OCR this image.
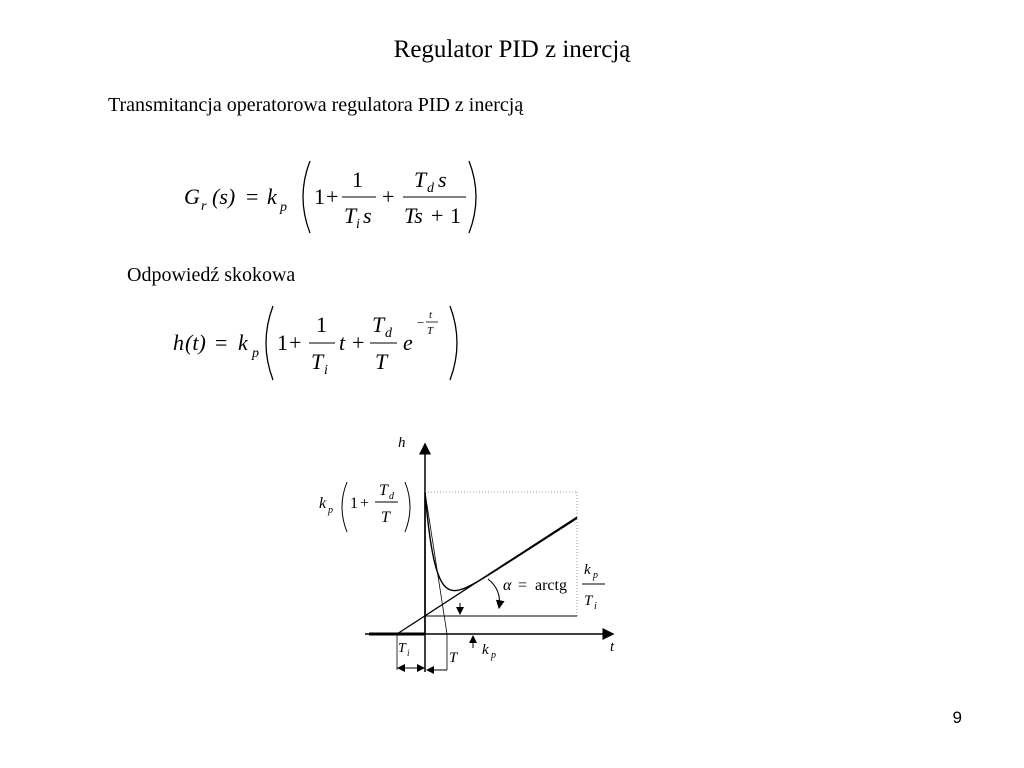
Regulator PID z inercją
Transmitancja operatorowa regulatora PID z inercją
G r (s) = k p 1 +
1
T i s
+
T d s
Ts + 1
Odpowiedź skokowa
h (t) = k p 1 +
1
T i
t +
T d
T
e
− t
T
h
t
k p 1 +
T d
T
α = arctg
k p
T i
T i	T k p
9
